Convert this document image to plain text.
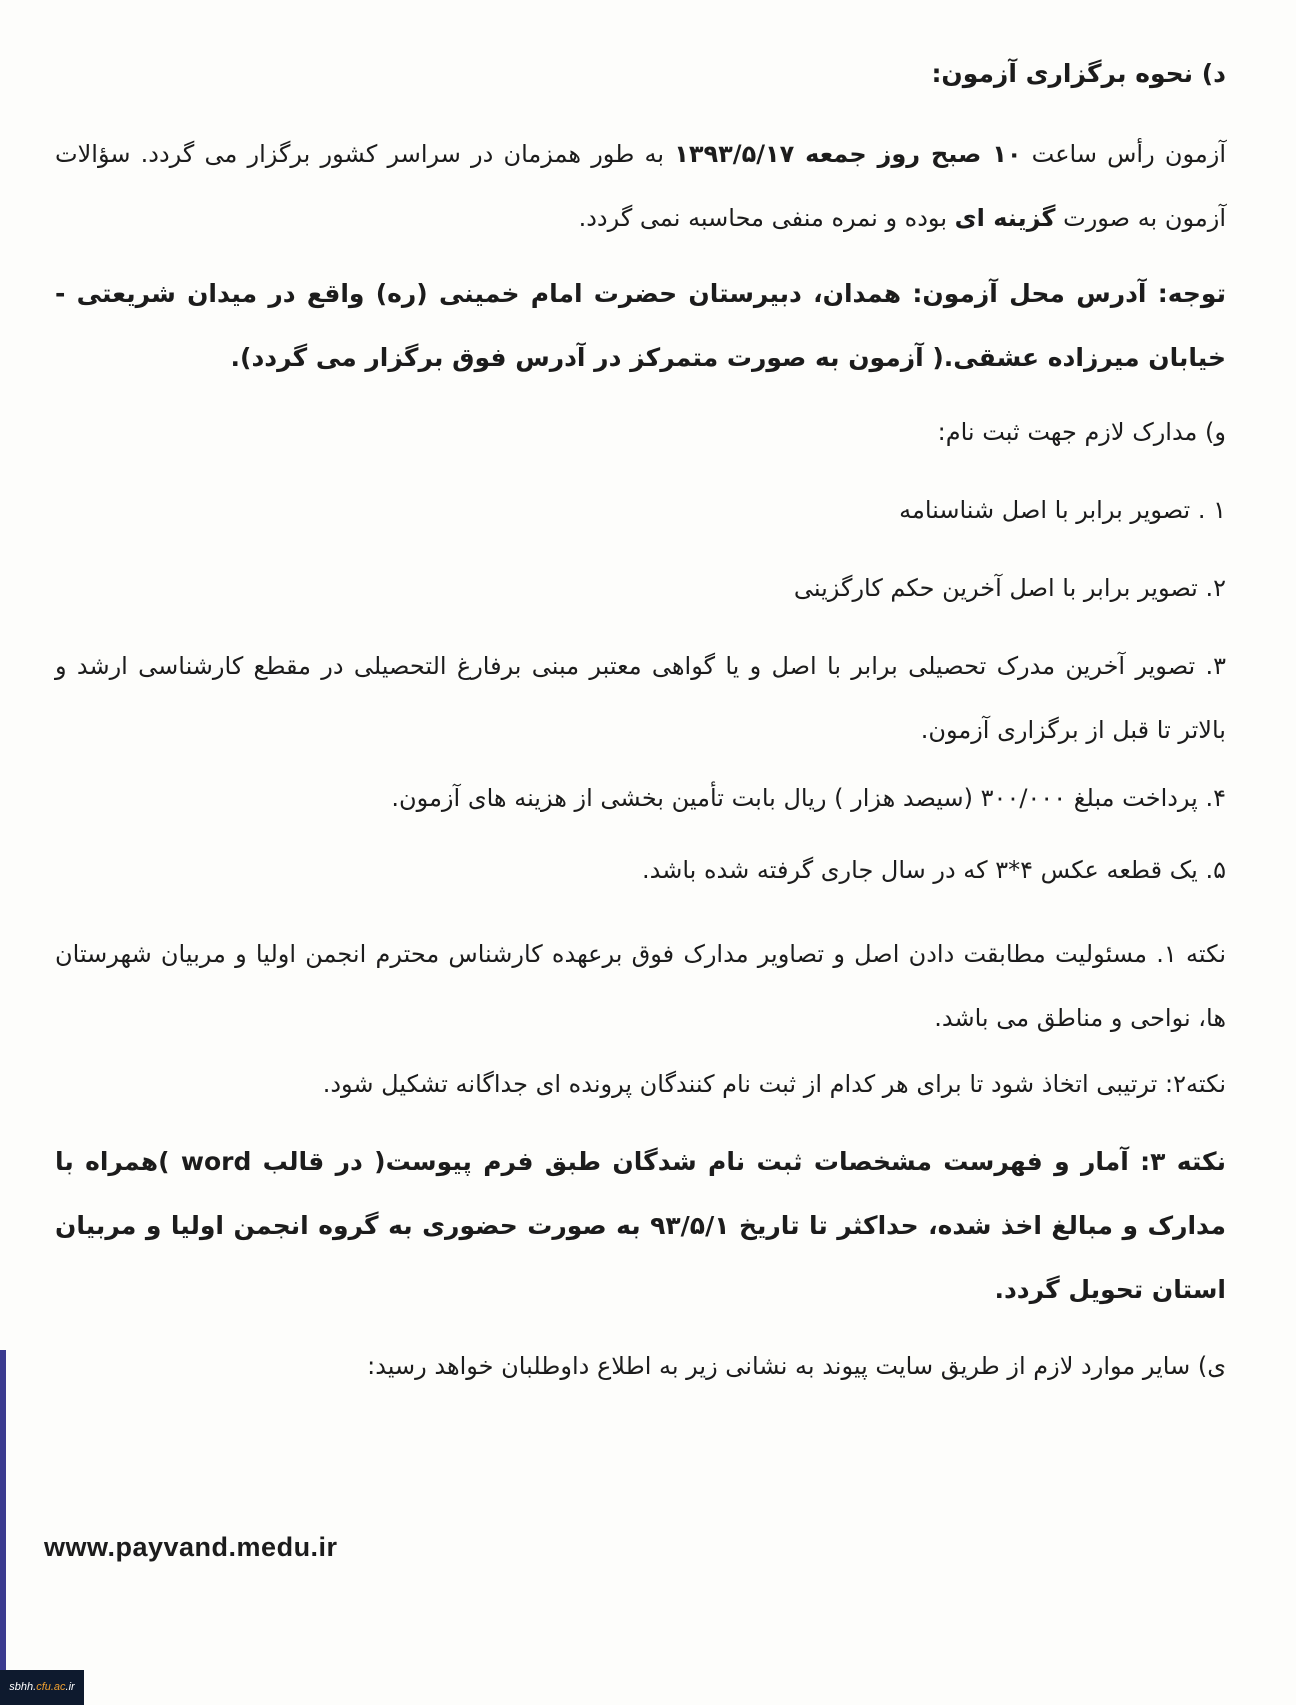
د) نحوه برگزاری آزمون:
آزمون رأس ساعت ۱۰ صبح روز جمعه ۱۳۹۳/۵/۱۷ به طور همزمان در سراسر کشور برگزار می گردد. سؤالات آزمون به صورت گزینه ای بوده و نمره منفی محاسبه نمی گردد.
توجه: آدرس محل آزمون: همدان، دبیرستان حضرت امام خمینی (ره) واقع در میدان شریعتی - خیابان میرزاده عشقی.( آزمون به صورت متمرکز در آدرس فوق برگزار می گردد).
و) مدارک لازم جهت ثبت نام:
۱ . تصویر برابر با اصل شناسنامه
۲. تصویر برابر با اصل آخرین حکم کارگزینی
۳. تصویر آخرین مدرک تحصیلی برابر با اصل و یا گواهی معتبر مبنی برفارغ التحصیلی در مقطع کارشناسی ارشد و بالاتر تا قبل از برگزاری آزمون.
۴. پرداخت مبلغ ۳۰۰/۰۰۰ (سیصد هزار ) ریال بابت تأمین بخشی از هزینه های آزمون.
۵. یک قطعه عکس ۴*۳ که در سال جاری گرفته شده باشد.
نکته ۱. مسئولیت مطابقت دادن اصل و تصاویر مدارک فوق برعهده کارشناس محترم انجمن اولیا و مربیان شهرستان ها، نواحی و مناطق می باشد.
نکته۲: ترتیبی اتخاذ شود تا برای هر کدام از ثبت نام کنندگان پرونده ای جداگانه تشکیل شود.
نکته ۳: آمار و فهرست مشخصات ثبت نام شدگان طبق فرم پیوست( در قالب word )همراه با مدارک و مبالغ اخذ شده، حداکثر تا تاریخ ۹۳/۵/۱ به صورت حضوری به گروه انجمن اولیا و مربیان استان تحویل گردد.
ی) سایر موارد لازم از طریق سایت پیوند به نشانی زیر به اطلاع داوطلبان خواهد رسید:
www.payvand.medu.ir
sbhh.cfu.ac.ir
